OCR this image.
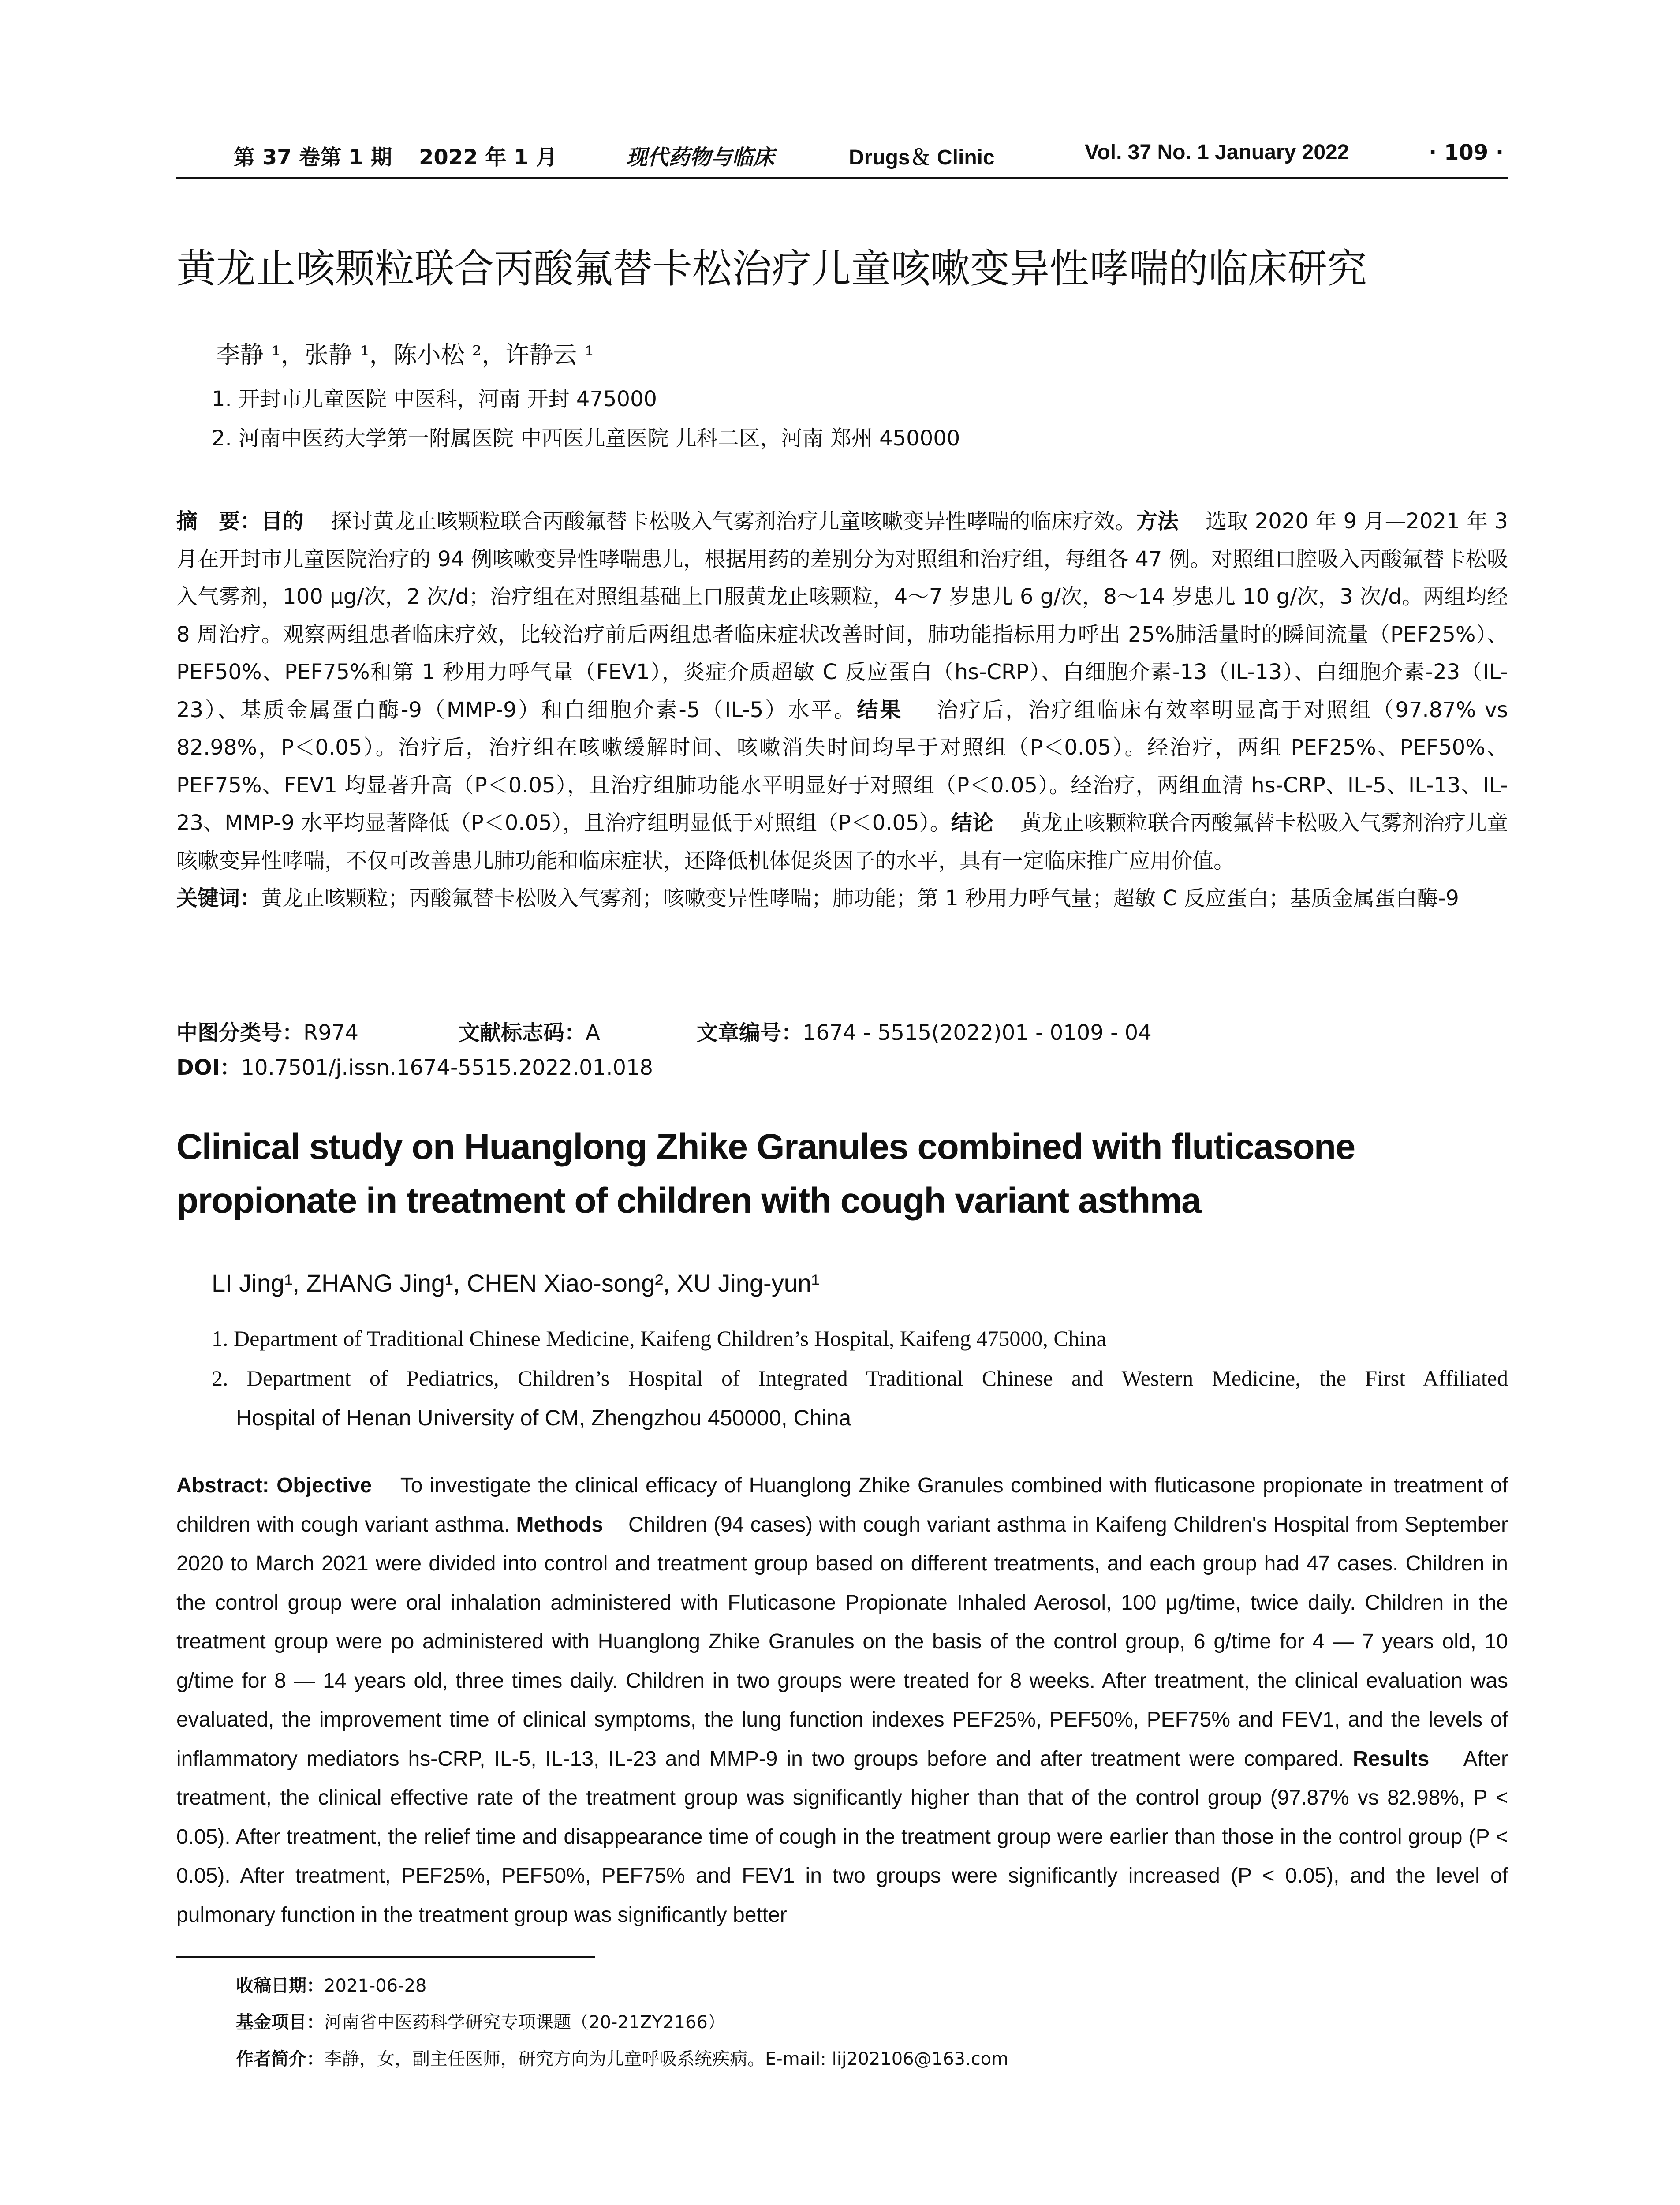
第 37 卷第 1 期 2022 年 1 月	现代药物与临床	Drugs＆ Clinic	Vol. 37 No. 1 January 2022	· 109 ·
黄龙止咳颗粒联合丙酸氟替卡松治疗儿童咳嗽变异性哮喘的临床研究
李静 ¹，张静 ¹，陈小松 ²，许静云 ¹
1. 开封市儿童医院 中医科，河南 开封 475000
2. 河南中医药大学第一附属医院 中西医儿童医院 儿科二区，河南 郑州 450000

摘　要：目的 探讨黄龙止咳颗粒联合丙酸氟替卡松吸入气雾剂治疗儿童咳嗽变异性哮喘的临床疗效。方法 选取 2020 年 9 月—2021 年 3 月在开封市儿童医院治疗的 94 例咳嗽变异性哮喘患儿，根据用药的差别分为对照组和治疗组，每组各 47 例。对照组口腔吸入丙酸氟替卡松吸入气雾剂，100 μg/次，2 次/d；治疗组在对照组基础上口服黄龙止咳颗粒，4～7 岁患儿 6 g/次，8～14 岁患儿 10 g/次，3 次/d。两组均经 8 周治疗。观察两组患者临床疗效，比较治疗前后两组患者临床症状改善时间，肺功能指标用力呼出 25%肺活量时的瞬间流量（PEF25%）、PEF50%、PEF75%和第 1 秒用力呼气量（FEV1），炎症介质超敏 C 反应蛋白（hs-CRP）、白细胞介素-13（IL-13）、白细胞介素-23（IL-23）、基质金属蛋白酶-9（MMP-9）和白细胞介素-5（IL-5）水平。结果 治疗后，治疗组临床有效率明显高于对照组（97.87% vs 82.98%，P＜0.05）。治疗后，治疗组在咳嗽缓解时间、咳嗽消失时间均早于对照组（P＜0.05）。经治疗，两组 PEF25%、PEF50%、PEF75%、FEV1 均显著升高（P＜0.05），且治疗组肺功能水平明显好于对照组（P＜0.05）。经治疗，两组血清 hs-CRP、IL-5、IL-13、IL-23、MMP-9 水平均显著降低（P＜0.05），且治疗组明显低于对照组（P＜0.05）。结论 黄龙止咳颗粒联合丙酸氟替卡松吸入气雾剂治疗儿童咳嗽变异性哮喘，不仅可改善患儿肺功能和临床症状，还降低机体促炎因子的水平，具有一定临床推广应用价值。

关键词：黄龙止咳颗粒；丙酸氟替卡松吸入气雾剂；咳嗽变异性哮喘；肺功能；第 1 秒用力呼气量；超敏 C 反应蛋白；基质金属蛋白酶-9

中图分类号： R974	文献标志码： A	文章编号： 1674 - 5515(2022)01 - 0109 - 04
DOI：10.7501/j.issn.1674-5515.2022.01.018
Clinical study on Huanglong Zhike Granules combined with fluticasone propionate in treatment of children with cough variant asthma
LI Jing¹, ZHANG Jing¹, CHEN Xiao-song², XU Jing-yun¹
1. Department of Traditional Chinese Medicine, Kaifeng Children’s Hospital, Kaifeng 475000, China
2. Department of Pediatrics, Children’s Hospital of Integrated Traditional Chinese and Western Medicine, the First Affiliated
Hospital of Henan University of CM, Zhengzhou 450000, China

Abstract: Objective To investigate the clinical efficacy of Huanglong Zhike Granules combined with fluticasone propionate in treatment of children with cough variant asthma. Methods Children (94 cases) with cough variant asthma in Kaifeng Children's Hospital from September 2020 to March 2021 were divided into control and treatment group based on different treatments, and each group had 47 cases. Children in the control group were oral inhalation administered with Fluticasone Propionate Inhaled Aerosol, 100 μg/time, twice daily. Children in the treatment group were po administered with Huanglong Zhike Granules on the basis of the control group, 6 g/time for 4 — 7 years old, 10 g/time for 8 — 14 years old, three times daily. Children in two groups were treated for 8 weeks. After treatment, the clinical evaluation was evaluated, the improvement time of clinical symptoms, the lung function indexes PEF25%, PEF50%, PEF75% and FEV1, and the levels of inflammatory mediators hs-CRP, IL-5, IL-13, IL-23 and MMP-9 in two groups before and after treatment were compared. Results After treatment, the clinical effective rate of the treatment group was significantly higher than that of the control group (97.87% vs 82.98%, P < 0.05). After treatment, the relief time and disappearance time of cough in the treatment group were earlier than those in the control group (P < 0.05). After treatment, PEF25%, PEF50%, PEF75% and FEV1 in two groups were significantly increased (P < 0.05), and the level of pulmonary function in the treatment group was significantly better

收稿日期：2021-06-28
基金项目：河南省中医药科学研究专项课题（20-21ZY2166）
作者简介：李静，女，副主任医师，研究方向为儿童呼吸系统疾病。E-mail: lij202106@163.com
